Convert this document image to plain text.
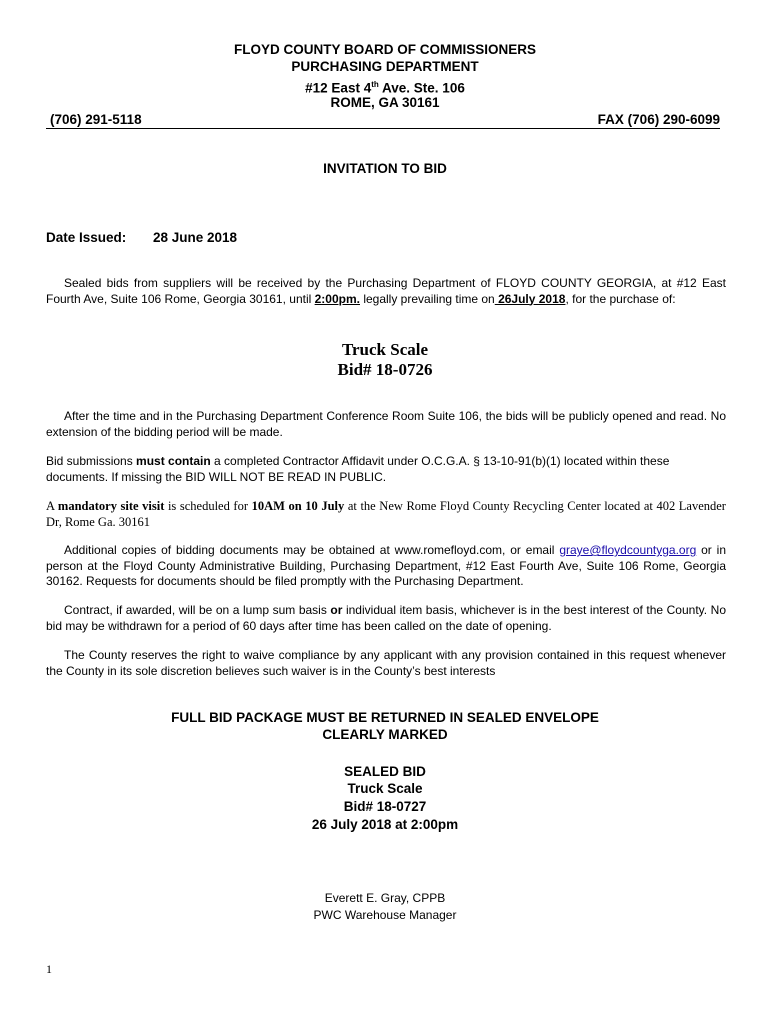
FLOYD COUNTY BOARD OF COMMISSIONERS
PURCHASING DEPARTMENT
#12 East 4th Ave. Ste. 106
ROME, GA 30161
(706) 291-5118	FAX (706) 290-6099
INVITATION TO BID
Date Issued: 28 June 2018
Sealed bids from suppliers will be received by the Purchasing Department of FLOYD COUNTY GEORGIA, at #12 East Fourth Ave, Suite 106 Rome, Georgia 30161, until 2:00pm. legally prevailing time on 26July 2018, for the purchase of:
Truck Scale
Bid# 18-0726
After the time and in the Purchasing Department Conference Room Suite 106, the bids will be publicly opened and read. No extension of the bidding period will be made.
Bid submissions must contain a completed Contractor Affidavit under O.C.G.A. § 13-10-91(b)(1) located within these documents. If missing the BID WILL NOT BE READ IN PUBLIC.
A mandatory site visit is scheduled for 10AM on 10 July at the New Rome Floyd County Recycling Center located at 402 Lavender Dr, Rome Ga. 30161
Additional copies of bidding documents may be obtained at www.romefloyd.com, or email graye@floydcountyga.org or in person at the Floyd County Administrative Building, Purchasing Department, #12 East Fourth Ave, Suite 106 Rome, Georgia 30162. Requests for documents should be filed promptly with the Purchasing Department.
Contract, if awarded, will be on a lump sum basis or individual item basis, whichever is in the best interest of the County. No bid may be withdrawn for a period of 60 days after time has been called on the date of opening.
The County reserves the right to waive compliance by any applicant with any provision contained in this request whenever the County in its sole discretion believes such waiver is in the County’s best interests
FULL BID PACKAGE MUST BE RETURNED IN SEALED ENVELOPE
CLEARLY MARKED
SEALED BID
Truck Scale
Bid# 18-0727
26 July 2018 at 2:00pm
Everett E. Gray, CPPB
PWC Warehouse Manager
1
